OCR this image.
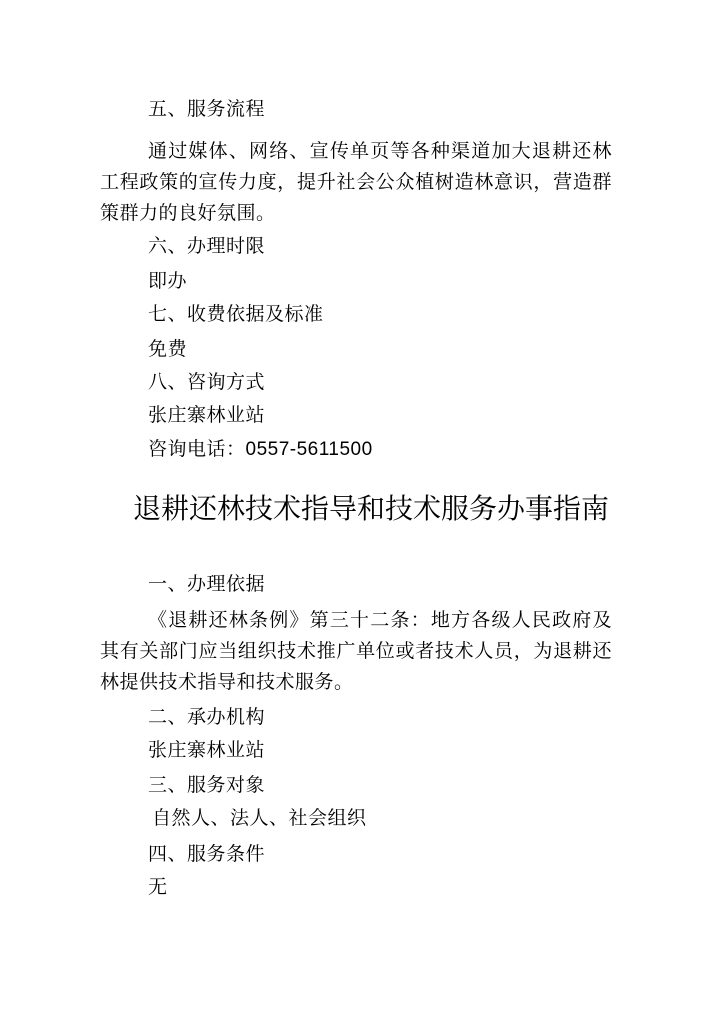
五、服务流程
通过媒体、网络、宣传单页等各种渠道加大退耕还林工程政策的宣传力度，提升社会公众植树造林意识，营造群策群力的良好氛围。
六、办理时限
即办
七、收费依据及标准
免费
八、咨询方式
张庄寨林业站
咨询电话：0557-5611500
退耕还林技术指导和技术服务办事指南
一、办理依据
《退耕还林条例》第三十二条：地方各级人民政府及其有关部门应当组织技术推广单位或者技术人员，为退耕还林提供技术指导和技术服务。
二、承办机构
张庄寨林业站
三、服务对象
自然人、法人、社会组织
四、服务条件
无
